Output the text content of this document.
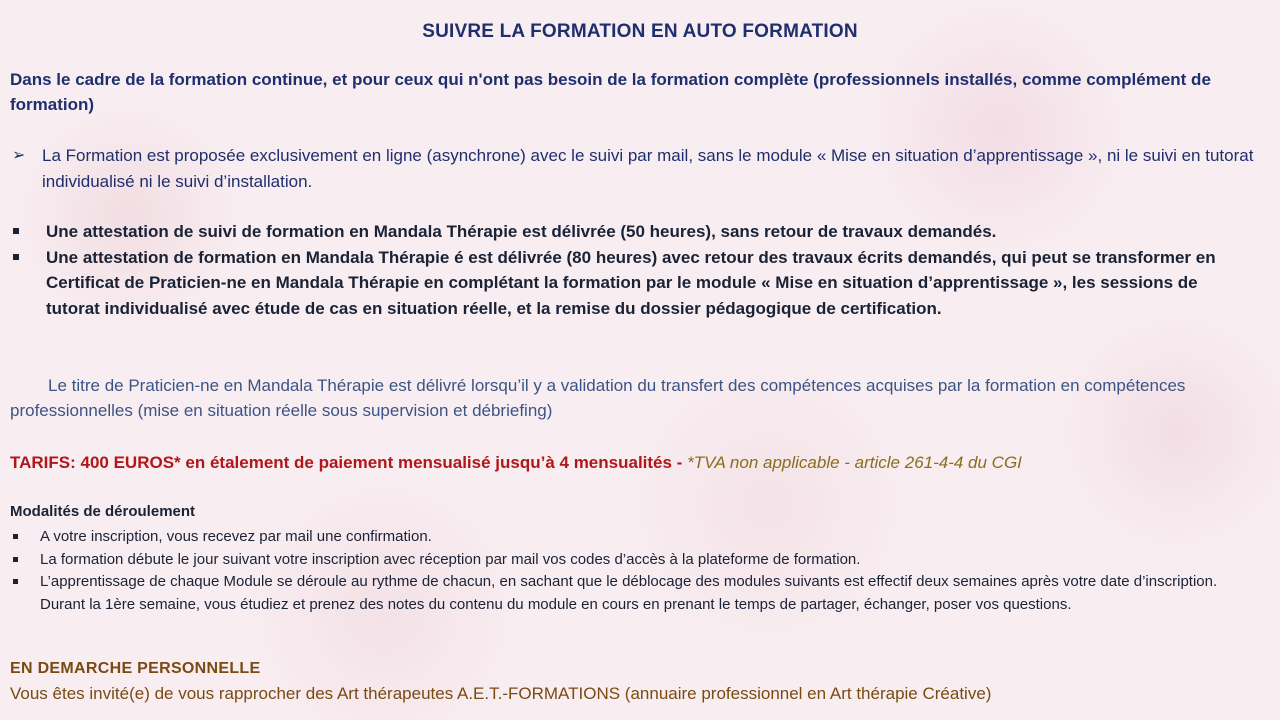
SUIVRE LA FORMATION EN AUTO FORMATION
Dans le cadre de la formation continue, et pour ceux qui n'ont pas besoin de la formation complète (professionnels installés, comme complément de formation)
➢ La Formation est proposée exclusivement en ligne (asynchrone) avec le suivi par mail, sans le module « Mise en situation d’apprentissage », ni le suivi en tutorat individualisé ni le suivi d’installation.
Une attestation de suivi de formation en Mandala Thérapie est délivrée (50 heures), sans retour de travaux demandés.
Une attestation de formation en Mandala Thérapie é est délivrée (80 heures) avec retour des travaux écrits demandés, qui peut se transformer en Certificat de Praticien-ne en Mandala Thérapie en complétant la formation par le module « Mise en situation d’apprentissage », les sessions de tutorat individualisé avec étude de cas en situation réelle, et la remise du dossier pédagogique de certification.
Le titre de Praticien-ne en Mandala Thérapie est délivré lorsqu’il y a validation du transfert des compétences acquises par la formation en compétences professionnelles (mise en situation réelle sous supervision et débriefing)
TARIFS: 400 EUROS* en étalement de paiement mensualisé jusqu’à 4 mensualités - *TVA non applicable - article 261-4-4 du CGI
Modalités de déroulement
A votre inscription, vous recevez par mail une confirmation.
La formation débute le jour suivant votre inscription avec réception par mail vos codes d’accès à la plateforme de formation.
L’apprentissage de chaque Module se déroule au rythme de chacun, en sachant que le déblocage des modules suivants est effectif deux semaines après votre date d’inscription. Durant la 1ère semaine, vous étudiez et prenez des notes du contenu du module en cours en prenant le temps de partager, échanger, poser vos questions.
EN DEMARCHE PERSONNELLE
Vous êtes invité(e) de vous rapprocher des Art thérapeutes A.E.T.-FORMATIONS (annuaire professionnel en Art thérapie Créative)
